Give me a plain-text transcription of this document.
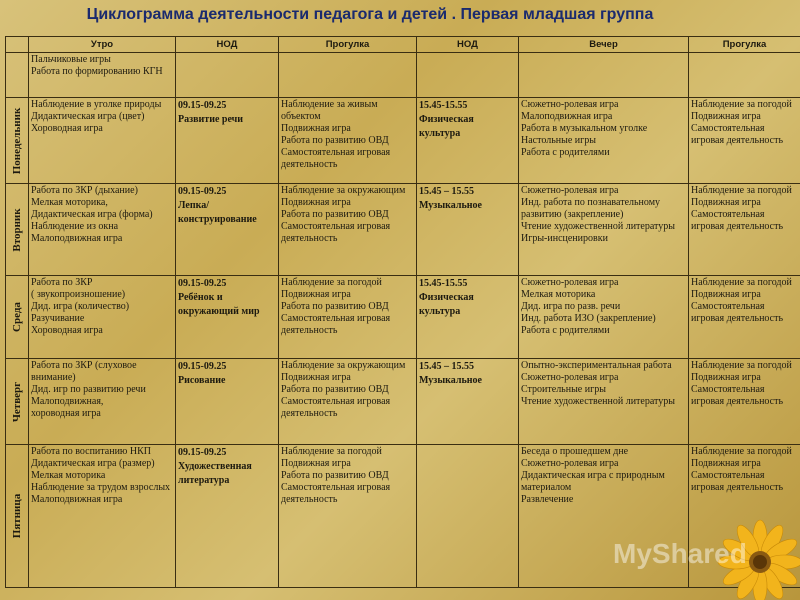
Циклограмма деятельности педагога и детей . Первая младшая группа
	Утро	НОД	Прогулка	НОД	Вечер	Прогулка

	Пальчиковые игры
Работа по формированию КГН					

Понедельник	Наблюдение в уголке природы
Дидактическая игра (цвет)
Хороводная игра	09.15-09.25
Развитие речи	Наблюдение за живым объектом
Подвижная игра
Работа по развитию ОВД
Самостоятельная игровая деятельность	15.45-15.55
Физическая культура	Сюжетно-ролевая игра
Малоподвижная игра
Работа в музыкальном уголке
Настольные игры
Работа с родителями	Наблюдение за погодой
Подвижная игра
Самостоятельная игровая деятельность

Вторник	Работа по ЗКР (дыхание)
Мелкая моторика,
Дидактическая игра (форма)
Наблюдение из окна
Малоподвижная игра	09.15-09.25
Лепка/конструирование	Наблюдение за окружающим
Подвижная игра
Работа по развитию ОВД
Самостоятельная игровая деятельность	15.45 – 15.55
Музыкальное	Сюжетно-ролевая игра
Инд. работа по познавательному развитию (закрепление)
Чтение художественной литературы
Игры-инсценировки	Наблюдение за погодой
Подвижная игра
Самостоятельная игровая деятельность

Среда	Работа по ЗКР
( звукопроизношение)
Дид. игра (количество)
Разучивание
Хороводная игра	09.15-09.25
Ребёнок и окружающий мир	Наблюдение за погодой
Подвижная игра
Работа по развитию ОВД
Самостоятельная игровая деятельность	15.45-15.55
Физическая культура	Сюжетно-ролевая игра
Мелкая моторика
Дид. игра по разв. речи
Инд. работа ИЗО (закрепление)
Работа с родителями	Наблюдение за погодой
Подвижная игра
Самостоятельная игровая деятельность

Четверг	Работа по ЗКР (слуховое внимание)
Дид. игр по развитию речи
Малоподвижная,
хороводная игра	09.15-09.25
Рисование	Наблюдение за окружающим
Подвижная игра
Работа по развитию ОВД
Самостоятельная игровая деятельность	15.45 – 15.55
Музыкальное	Опытно-экспериментальная работа
Сюжетно-ролевая игра
Строительные игры
Чтение художественной литературы	Наблюдение за погодой
Подвижная игра
Самостоятельная игровая деятельность

Пятница	Работа по воспитанию НКП
Дидактическая игра (размер)
Мелкая моторика
Наблюдение за трудом взрослых
Малоподвижная игра	09.15-09.25
Художественная литература	Наблюдение за погодой
Подвижная игра
Работа по развитию ОВД
Самостоятельная игровая деятельность		Беседа о прошедшем дне
Сюжетно-ролевая игра
Дидактическая игра с природным материалом
Развлечение	Наблюдение за погодой
Подвижная игра
Самостоятельная игровая деятельность
MyShared
